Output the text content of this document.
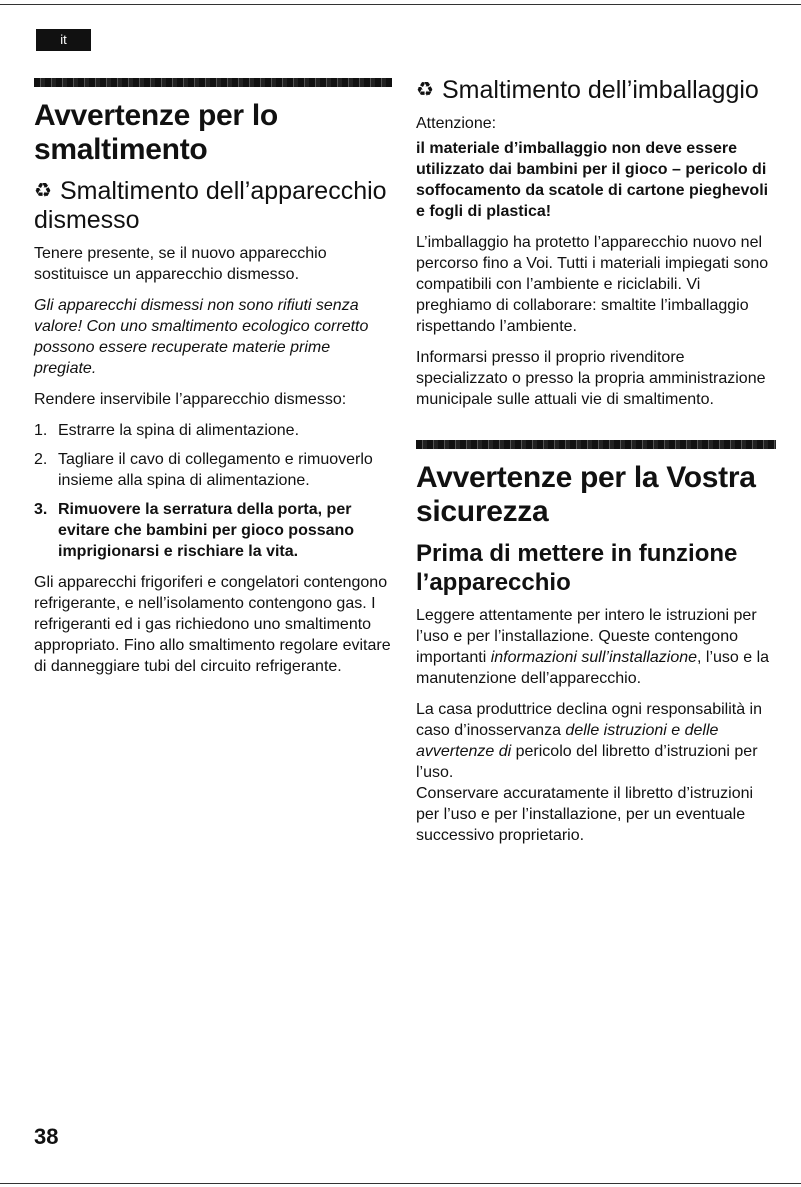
it
Avvertenze per lo smaltimento
♻ Smaltimento dell’apparecchio dismesso

Tenere presente, se il nuovo apparecchio sostituisce un apparecchio dismesso.

Gli apparecchi dismessi non sono rifiuti senza valore! Con uno smaltimento ecologico corretto possono essere recuperate materie prime pregiate.

Rendere inservibile l’apparecchio dismesso:

1. Estrarre la spina di alimentazione.
2. Tagliare il cavo di collegamento e rimuoverlo insieme alla spina di alimentazione.
3. Rimuovere la serratura della porta, per evitare che bambini per gioco possano imprigionarsi e rischiare la vita.

Gli apparecchi frigoriferi e congelatori contengono refrigerante, e nell’isolamento contengono gas. I refrigeranti ed i gas richiedono uno smaltimento appropriato. Fino allo smaltimento regolare evitare di danneggiare tubi del circuito refrigerante.

♻ Smaltimento dell’imballaggio

Attenzione:

il materiale d’imballaggio non deve essere utilizzato dai bambini per il gioco – pericolo di soffocamento da scatole di cartone pieghevoli e fogli di plastica!

L’imballaggio ha protetto l’apparecchio nuovo nel percorso fino a Voi. Tutti i materiali impiegati sono compatibili con l’ambiente e riciclabili. Vi preghiamo di collaborare: smaltite l’imballaggio rispettando l’ambiente.

Informarsi presso il proprio rivenditore specializzato o presso la propria amministrazione municipale sulle attuali vie di smaltimento.

Avvertenze per la Vostra sicurezza
Prima di mettere in funzione l’apparecchio

Leggere attentamente per intero le istruzioni per l’uso e per l’installazione. Queste contengono importanti informazioni sull’installazione, l’uso e la manutenzione dell’apparecchio.

La casa produttrice declina ogni responsabilità in caso d’inosservanza delle istruzioni e delle avvertenze di pericolo del libretto d’istruzioni per l’uso.

Conservare accuratamente il libretto d’istruzioni per l’uso e per l’installazione, per un eventuale successivo proprietario.

38
